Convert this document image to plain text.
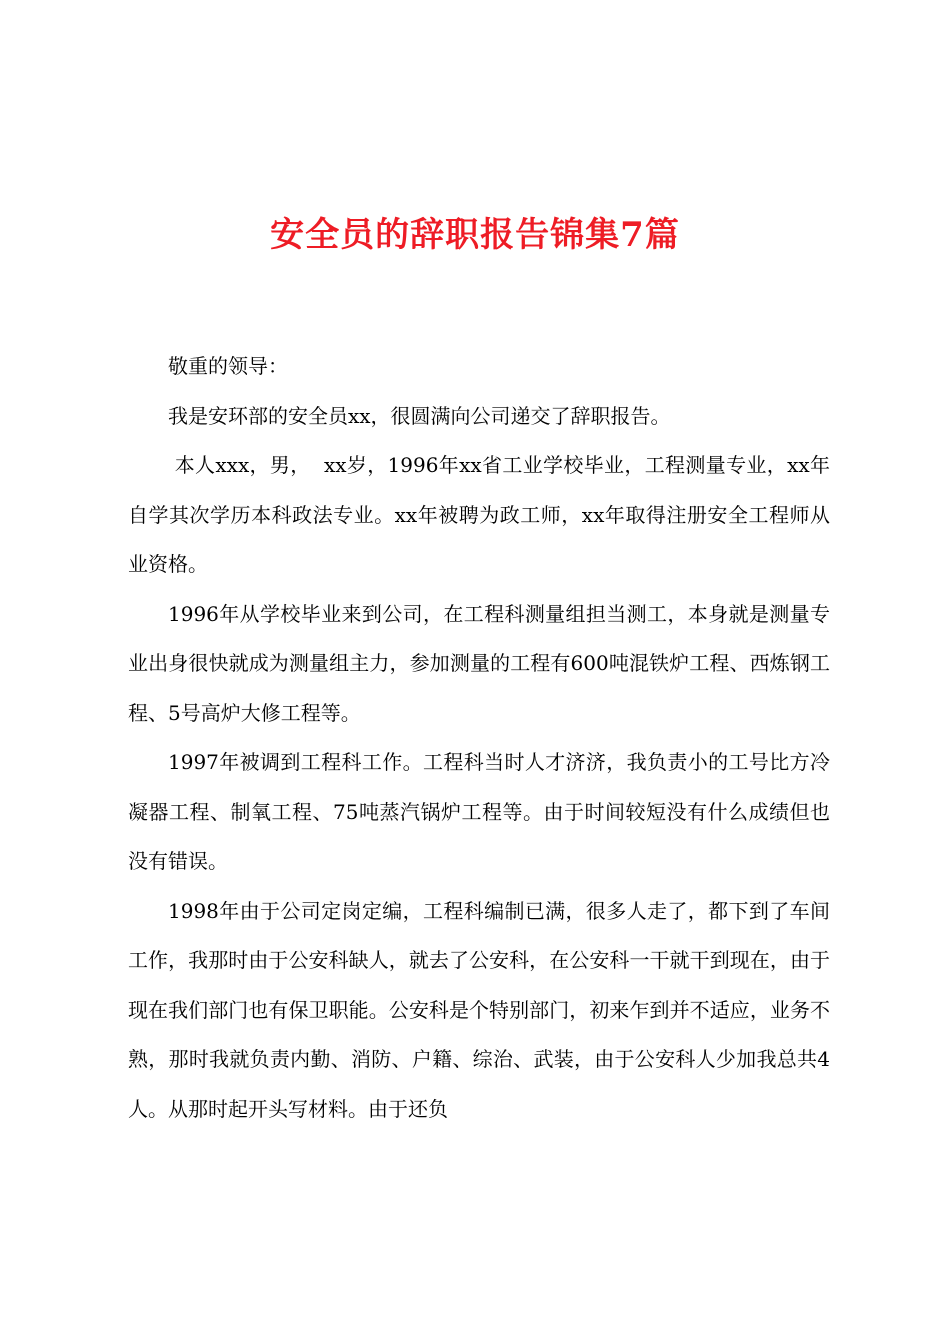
安全员的辞职报告锦集7篇

敬重的领导：

我是安环部的安全员xx，很圆满向公司递交了辞职报告。

本人xxx，男，  xx岁，1996年xx省工业学校毕业，工程测量专业，xx年自学其次学历本科政法专业。xx年被聘为政工师，xx年取得注册安全工程师从业资格。

1996年从学校毕业来到公司，在工程科测量组担当测工，本身就是测量专业出身很快就成为测量组主力，参加测量的工程有600吨混铁炉工程、西炼钢工程、5号高炉大修工程等。

1997年被调到工程科工作。工程科当时人才济济，我负责小的工号比方冷凝器工程、制氧工程、75吨蒸汽锅炉工程等。由于时间较短没有什么成绩但也没有错误。

1998年由于公司定岗定编，工程科编制已满，很多人走了，都下到了车间工作，我那时由于公安科缺人，就去了公安科，在公安科一干就干到现在，由于现在我们部门也有保卫职能。公安科是个特别部门，初来乍到并不适应，业务不熟，那时我就负责内勤、消防、户籍、综治、武装，由于公安科人少加我总共4人。从那时起开头写材料。由于还负
